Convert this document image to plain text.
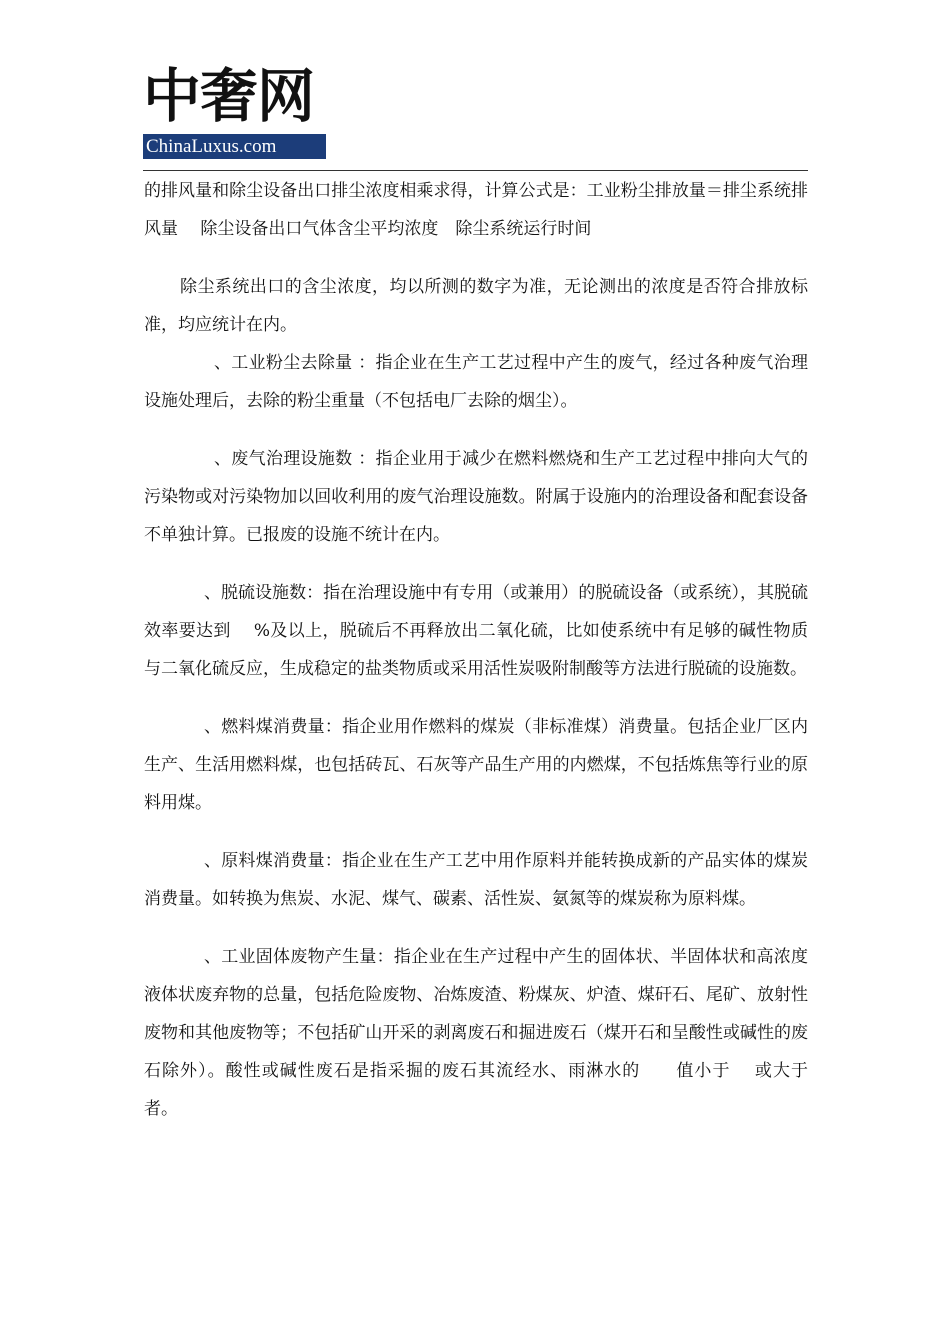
中奢网
ChinaLuxus.com

的排风量和除尘设备出口排尘浓度相乘求得，计算公式是：工业粉尘排放量＝排尘系统排风量　 除尘设备出口气体含尘平均浓度　除尘系统运行时间

除尘系统出口的含尘浓度，均以所测的数字为准，无论测出的浓度是否符合排放标准，均应统计在内。

、工业粉尘去除量 ：指企业在生产工艺过程中产生的废气，经过各种废气治理设施处理后，去除的粉尘重量（不包括电厂去除的烟尘）。

、废气治理设施数 ：指企业用于减少在燃料燃烧和生产工艺过程中排向大气的污染物或对污染物加以回收利用的废气治理设施数。附属于设施内的治理设备和配套设备不单独计算。已报废的设施不统计在内。

、脱硫设施数：指在治理设施中有专用（或兼用）的脱硫设备（或系统），其脱硫效率要达到　 %及以上，脱硫后不再释放出二氧化硫，比如使系统中有足够的碱性物质与二氧化硫反应，生成稳定的盐类物质或采用活性炭吸附制酸等方法进行脱硫的设施数。

、燃料煤消费量：指企业用作燃料的煤炭（非标准煤）消费量。包括企业厂区内生产、生活用燃料煤，也包括砖瓦、石灰等产品生产用的内燃煤，不包括炼焦等行业的原料用煤。

、原料煤消费量：指企业在生产工艺中用作原料并能转换成新的产品实体的煤炭消费量。如转换为焦炭、水泥、煤气、碳素、活性炭、氨氮等的煤炭称为原料煤。

、工业固体废物产生量：指企业在生产过程中产生的固体状、半固体状和高浓度液体状废弃物的总量，包括危险废物、冶炼废渣、粉煤灰、炉渣、煤矸石、尾矿、放射性废物和其他废物等；不包括矿山开采的剥离废石和掘进废石（煤开石和呈酸性或碱性的废石除外）。酸性或碱性废石是指采掘的废石其流经水、雨淋水的　　值小于　 或大于　　　者。
